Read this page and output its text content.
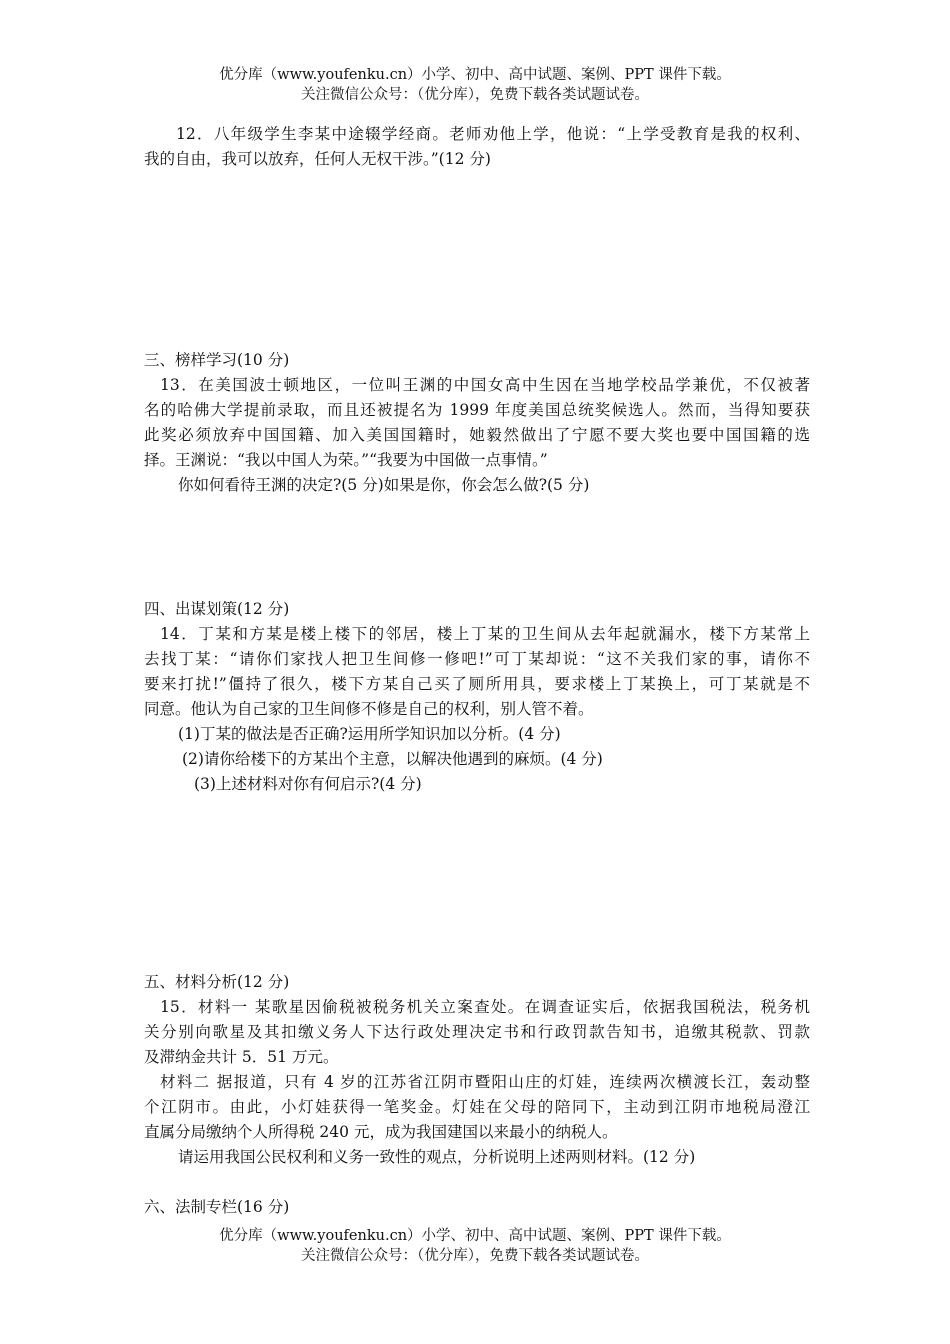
优分库（www.youfenku.cn）小学、初中、高中试题、案例、PPT 课件下载。
关注微信公众号：（优分库），免费下载各类试题试卷。
12．八年级学生李某中途辍学经商。老师劝他上学，他说：“上学受教育是我的权利、
我的自由，我可以放弃，任何人无权干涉。”(12 分)
三、榜样学习(10 分)
13．在美国波士顿地区，一位叫王渊的中国女高中生因在当地学校品学兼优，不仅被著
名的哈佛大学提前录取，而且还被提名为 1999 年度美国总统奖候选人。然而，当得知要获
此奖必须放弃中国国籍、加入美国国籍时，她毅然做出了宁愿不要大奖也要中国国籍的选
择。王渊说：“我以中国人为荣。”“我要为中国做一点事情。”
你如何看待王渊的决定?(5 分)如果是你，你会怎么做?(5 分)
四、出谋划策(12 分)
14．丁某和方某是楼上楼下的邻居，楼上丁某的卫生间从去年起就漏水，楼下方某常上
去找丁某：“请你们家找人把卫生间修一修吧!”可丁某却说：“这不关我们家的事，请你不
要来打扰!”僵持了很久，楼下方某自己买了厕所用具，要求楼上丁某换上，可丁某就是不
同意。他认为自己家的卫生间修不修是自己的权利，别人管不着。
(1)丁某的做法是否正确?运用所学知识加以分析。(4 分)
(2)请你给楼下的方某出个主意，以解决他遇到的麻烦。(4 分)
(3)上述材料对你有何启示?(4 分)
五、材料分析(12 分)
15．材料一 某歌星因偷税被税务机关立案查处。在调查证实后，依据我国税法，税务机
关分别向歌星及其扣缴义务人下达行政处理决定书和行政罚款告知书，追缴其税款、罚款
及滞纳金共计 5．51 万元。
材料二 据报道，只有 4 岁的江苏省江阴市暨阳山庄的灯娃，连续两次横渡长江，轰动整
个江阴市。由此，小灯娃获得一笔奖金。灯娃在父母的陪同下，主动到江阴市地税局澄江
直属分局缴纳个人所得税 240 元，成为我国建国以来最小的纳税人。
请运用我国公民权利和义务一致性的观点，分析说明上述两则材料。(12 分)
六、法制专栏(16 分)
优分库（www.youfenku.cn）小学、初中、高中试题、案例、PPT 课件下载。
关注微信公众号：（优分库），免费下载各类试题试卷。
